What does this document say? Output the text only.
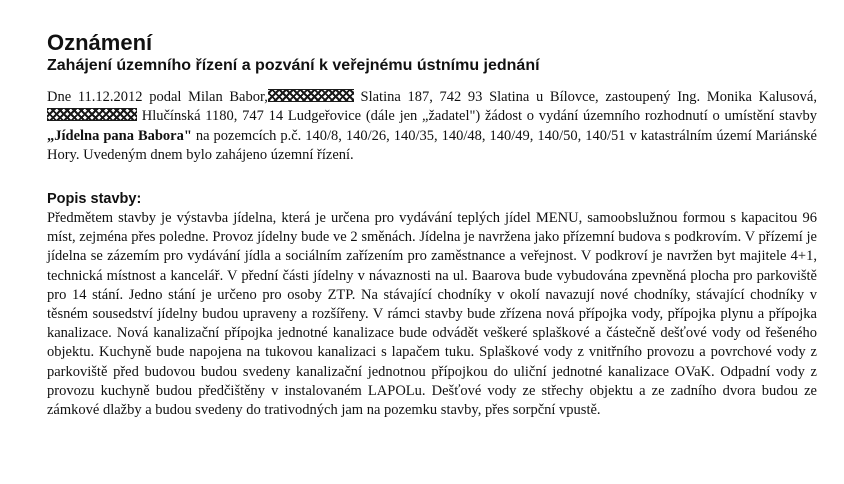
Oznámení
Zahájení územního řízení a pozvání k veřejnému ústnímu jednání

Dne 11.12.2012 podal Milan Babor,	Slatina 187, 742 93 Slatina u Bílovce, zastoupený Ing. Monika Kalusová, Hlučínská 1180, 747 14 Ludgeřovice (dále jen „žadatel") žádost o vydání územního rozhodnutí o umístění stavby „Jídelna pana Babora" na pozemcích p.č. 140/8, 140/26, 140/35, 140/48, 140/49, 140/50, 140/51 v katastrálním území Mariánské Hory. Uvedeným dnem bylo zahájeno územní řízení.

Popis stavby:

Předmětem stavby je výstavba jídelna, která je určena pro vydávání teplých jídel MENU, samoobslužnou formou s kapacitou 96 míst, zejména přes poledne. Provoz jídelny bude ve 2 směnách. Jídelna je navržena jako přízemní budova s podkrovím. V přízemí je jídelna se zázemím pro vydávání jídla a sociálním zařízením pro zaměstnance a veřejnost. V podkroví je navržen byt majitele 4+1, technická místnost a kancelář. V přední části jídelny v návaznosti na ul. Baarova bude vybudována zpevněná plocha pro parkoviště pro 14 stání. Jedno stání je určeno pro osoby ZTP. Na stávající chodníky v okolí navazují nové chodníky, stávající chodníky v těsném sousedství jídelny budou upraveny a rozšířeny. V rámci stavby bude zřízena nová přípojka vody, přípojka plynu a přípojka kanalizace. Nová kanalizační přípojka jednotné kanalizace bude odvádět veškeré splaškové a částečně dešťové vody od řešeného objektu. Kuchyně bude napojena na tukovou kanalizaci s lapačem tuku. Splaškové vody z vnitřního provozu a povrchové vody z parkoviště před budovou budou svedeny kanalizační jednotnou přípojkou do uliční jednotné kanalizace OVaK. Odpadní vody z provozu kuchyně budou předčištěny v instalovaném LAPOLu. Dešťové vody ze střechy objektu a ze zadního dvora budou ze zámkové dlažby a budou svedeny do trativodných jam na pozemku stavby, přes sorpční vpustě.
